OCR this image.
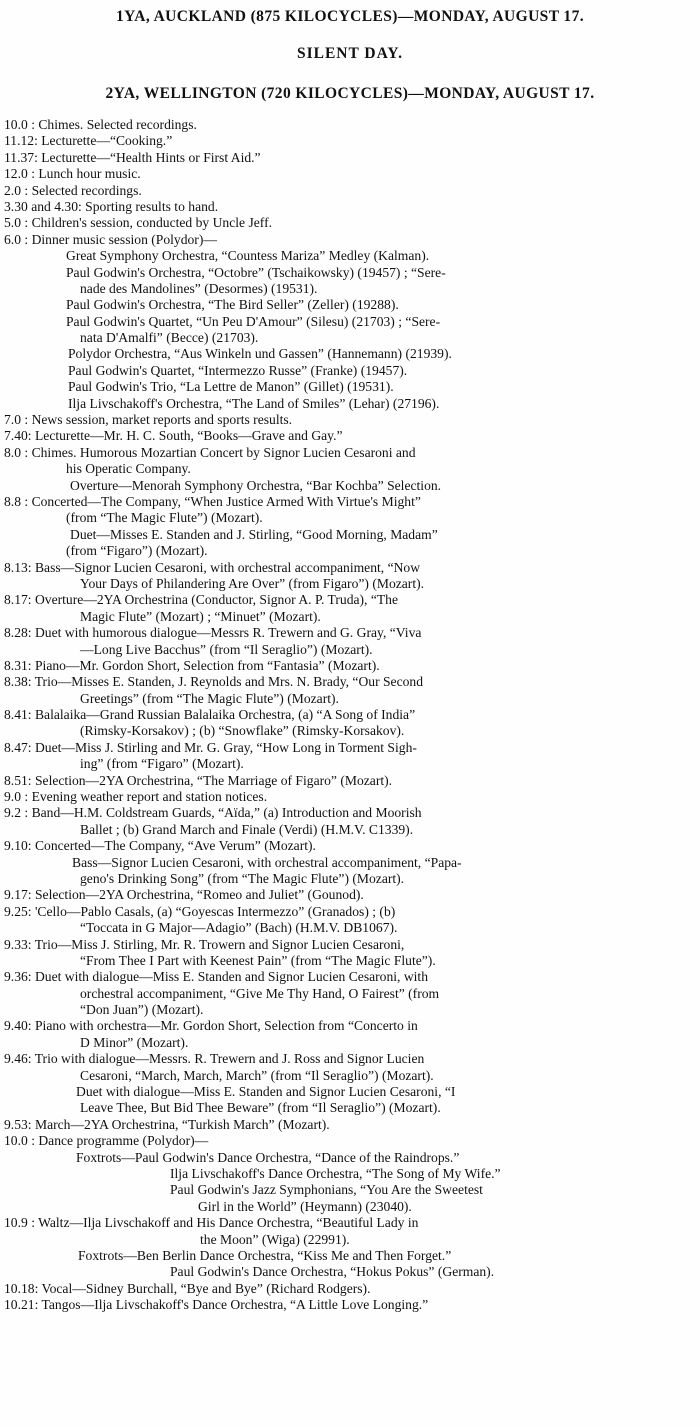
1YA, AUCKLAND (875 KILOCYCLES)—MONDAY, AUGUST 17.
SILENT DAY.
2YA, WELLINGTON (720 KILOCYCLES)—MONDAY, AUGUST 17.
10.0 : Chimes. Selected recordings.
11.12: Lecturette—“Cooking.”
11.37: Lecturette—“Health Hints or First Aid.”
12.0 : Lunch hour music.
2.0 : Selected recordings.
3.30 and 4.30: Sporting results to hand.
5.0 : Children's session, conducted by Uncle Jeff.
6.0 : Dinner music session (Polydor)—
Great Symphony Orchestra, “Countess Mariza” Medley (Kalman).
Paul Godwin's Orchestra, “Octobre” (Tschaikowsky) (19457) ; “Sere-
nade des Mandolines” (Desormes) (19531).
Paul Godwin's Orchestra, “The Bird Seller” (Zeller) (19288).
Paul Godwin's Quartet, “Un Peu D'Amour” (Silesu) (21703) ; “Sere-
nata D'Amalfi” (Becce) (21703).
Polydor Orchestra, “Aus Winkeln und Gassen” (Hannemann) (21939).
Paul Godwin's Quartet, “Intermezzo Russe” (Franke) (19457).
Paul Godwin's Trio, “La Lettre de Manon” (Gillet) (19531).
Ilja Livschakoff's Orchestra, “The Land of Smiles” (Lehar) (27196).
7.0 : News session, market reports and sports results.
7.40: Lecturette—Mr. H. C. South, “Books—Grave and Gay.”
8.0 : Chimes. Humorous Mozartian Concert by Signor Lucien Cesaroni and
his Operatic Company.
Overture—Menorah Symphony Orchestra, “Bar Kochba” Selection.
8.8 : Concerted—The Company, “When Justice Armed With Virtue's Might”
(from “The Magic Flute”) (Mozart).
Duet—Misses E. Standen and J. Stirling, “Good Morning, Madam”
(from “Figaro”) (Mozart).
8.13: Bass—Signor Lucien Cesaroni, with orchestral accompaniment, “Now
Your Days of Philandering Are Over” (from Figaro”) (Mozart).
8.17: Overture—2YA Orchestrina (Conductor, Signor A. P. Truda), “The
Magic Flute” (Mozart) ; “Minuet” (Mozart).
8.28: Duet with humorous dialogue—Messrs R. Trewern and G. Gray, “Viva
—Long Live Bacchus” (from “Il Seraglio”) (Mozart).
8.31: Piano—Mr. Gordon Short, Selection from “Fantasia” (Mozart).
8.38: Trio—Misses E. Standen, J. Reynolds and Mrs. N. Brady, “Our Second
Greetings” (from “The Magic Flute”) (Mozart).
8.41: Balalaika—Grand Russian Balalaika Orchestra, (a) “A Song of India”
(Rimsky-Korsakov) ; (b) “Snowflake” (Rimsky-Korsakov).
8.47: Duet—Miss J. Stirling and Mr. G. Gray, “How Long in Torment Sigh-
ing” (from “Figaro” (Mozart).
8.51: Selection—2YA Orchestrina, “The Marriage of Figaro” (Mozart).
9.0 : Evening weather report and station notices.
9.2 : Band—H.M. Coldstream Guards, “Aïda,” (a) Introduction and Moorish
Ballet ; (b) Grand March and Finale (Verdi) (H.M.V. C1339).
9.10: Concerted—The Company, “Ave Verum” (Mozart).
Bass—Signor Lucien Cesaroni, with orchestral accompaniment, “Papa-
geno's Drinking Song” (from “The Magic Flute”) (Mozart).
9.17: Selection—2YA Orchestrina, “Romeo and Juliet” (Gounod).
9.25: 'Cello—Pablo Casals, (a) “Goyescas Intermezzo” (Granados) ; (b)
“Toccata in G Major—Adagio” (Bach) (H.M.V. DB1067).
9.33: Trio—Miss J. Stirling, Mr. R. Trowern and Signor Lucien Cesaroni,
“From Thee I Part with Keenest Pain” (from “The Magic Flute”).
9.36: Duet with dialogue—Miss E. Standen and Signor Lucien Cesaroni, with
orchestral accompaniment, “Give Me Thy Hand, O Fairest” (from
“Don Juan”) (Mozart).
9.40: Piano with orchestra—Mr. Gordon Short, Selection from “Concerto in
D Minor” (Mozart).
9.46: Trio with dialogue—Messrs. R. Trewern and J. Ross and Signor Lucien
Cesaroni, “March, March, March” (from “Il Seraglio”) (Mozart).
Duet with dialogue—Miss E. Standen and Signor Lucien Cesaroni, “I
Leave Thee, But Bid Thee Beware” (from “Il Seraglio”) (Mozart).
9.53: March—2YA Orchestrina, “Turkish March” (Mozart).
10.0 : Dance programme (Polydor)—
Foxtrots—Paul Godwin's Dance Orchestra, “Dance of the Raindrops.”
Ilja Livschakoff's Dance Orchestra, “The Song of My Wife.”
Paul Godwin's Jazz Symphonians, “You Are the Sweetest
Girl in the World” (Heymann) (23040).
10.9 : Waltz—Ilja Livschakoff and His Dance Orchestra, “Beautiful Lady in
the Moon” (Wiga) (22991).
Foxtrots—Ben Berlin Dance Orchestra, “Kiss Me and Then Forget.”
Paul Godwin's Dance Orchestra, “Hokus Pokus” (German).
10.18: Vocal—Sidney Burchall, “Bye and Bye” (Richard Rodgers).
10.21: Tangos—Ilja Livschakoff's Dance Orchestra, “A Little Love Longing.”
